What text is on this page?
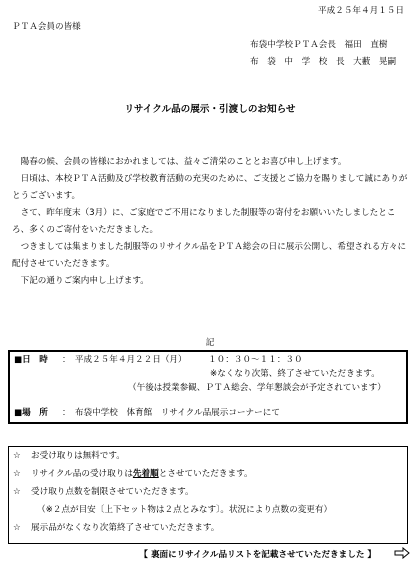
平成２５年４月１５日
ＰＴＡ会員の皆様
布袋中学校ＰＴＡ会長　福田　直樹
布　袋　中　学　校　長　大藪　晃嗣
リサイクル品の展示・引渡しのお知らせ

陽春の候、会員の皆様におかれましては、益々ご清栄のこととお喜び申し上げます。

日頃は、本校ＰＴＡ活動及び学校教育活動の充実のために、ご支援とご協力を賜りまして誠にありがとうございます。

さて、昨年度末（3月）に、ご家庭でご不用になりました制服等の寄付をお願いいたしましたところ、多くのご寄付をいただきました。

つきましては集まりました制服等のリサイクル品をＰＴＡ総会の日に展示公開し、希望される方々に配付させていただきます。

下記の通りご案内申し上げます。

記
■日　時 ：　平成２５年４月２２日（月）　　　１０：３０～１１：３０
※なくなり次第、終了させていただきます。
（午後は授業参観、ＰＴＡ総会、学年懇談会が予定されています）
■場　所 ：　布袋中学校　体育館　リサイクル品展示コーナーにて
☆ お受け取りは無料です。
☆ リサイクル品の受け取りは先着順とさせていただきます。
☆ 受け取り点数を制限させていただきます。
（※２点が目安〔上下セット物は２点とみなす〕。状況により点数の変更有）
☆ 展示品がなくなり次第終了させていただきます。
【 裏面にリサイクル品リストを記載させていただきました 】
